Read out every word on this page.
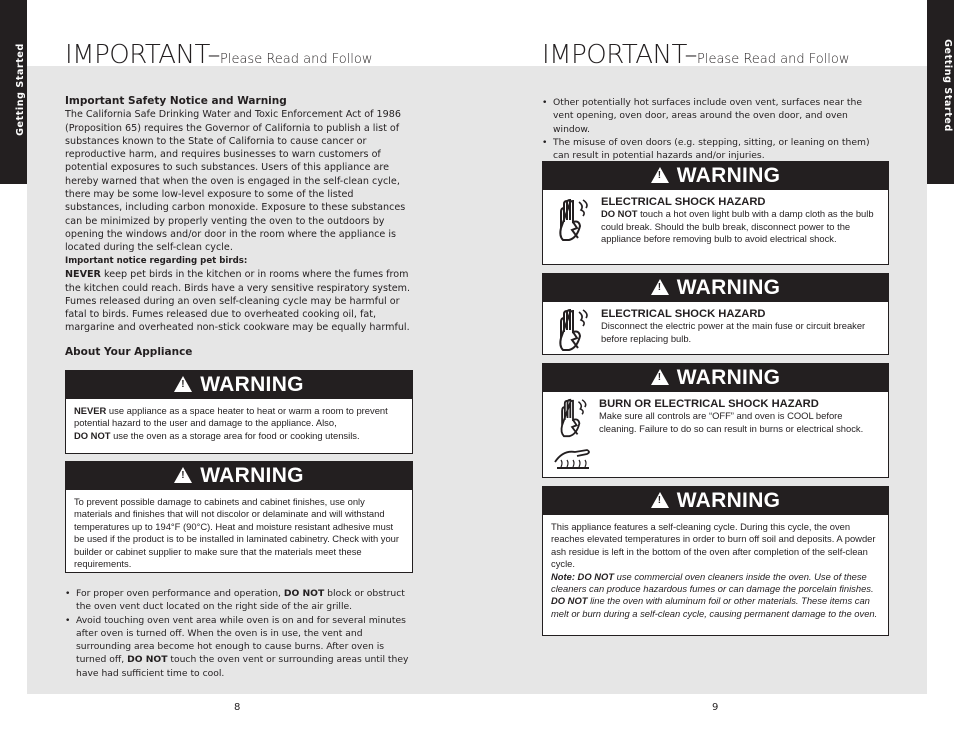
Getting Started	Getting Started
IMPORTANT–Please Read and Follow
Important Safety Notice and Warning
The California Safe Drinking Water and Toxic Enforcement Act of 1986 (Proposition 65) requires the Governor of California to publish a list of substances known to the State of California to cause cancer or reproductive harm, and requires businesses to warn customers of potential exposures to such substances. Users of this appliance are hereby warned that when the oven is engaged in the self-clean cycle, there may be some low-level exposure to some of the listed substances, including carbon monoxide. Exposure to these substances can be minimized by properly venting the oven to the outdoors by opening the windows and/or door in the room where the appliance is located during the self-clean cycle.
Important notice regarding pet birds:
NEVER keep pet birds in the kitchen or in rooms where the fumes from the kitchen could reach. Birds have a very sensitive respiratory system. Fumes released during an oven self-cleaning cycle may be harmful or fatal to birds. Fumes released due to overheated cooking oil, fat, margarine and overheated non-stick cookware may be equally harmful.
About Your Appliance
! WARNING
NEVER use appliance as a space heater to heat or warm a room to prevent potential hazard to the user and damage to the appliance. Also,
DO NOT use the oven as a storage area for food or cooking utensils.
! WARNING
To prevent possible damage to cabinets and cabinet finishes, use only materials and finishes that will not discolor or delaminate and will withstand temperatures up to 194°F (90°C). Heat and moisture resistant adhesive must be used if the product is to be installed in laminated cabinetry. Check with your builder or cabinet supplier to make sure that the materials meet these requirements.
• For proper oven performance and operation, DO NOT block or obstruct the oven vent duct located on the right side of the air grille.
• Avoid touching oven vent area while oven is on and for several minutes after oven is turned off. When the oven is in use, the vent and surrounding area become hot enough to cause burns. After oven is turned off, DO NOT touch the oven vent or surrounding areas until they have had sufficient time to cool.
8
IMPORTANT–Please Read and Follow
• Other potentially hot surfaces include oven vent, surfaces near the vent opening, oven door, areas around the oven door, and oven window.
• The misuse of oven doors (e.g. stepping, sitting, or leaning on them) can result in potential hazards and/or injuries.
! WARNING
ELECTRICAL SHOCK HAZARD
DO NOT touch a hot oven light bulb with a damp cloth as the bulb could break. Should the bulb break, disconnect power to the appliance before removing bulb to avoid electrical shock.
! WARNING
ELECTRICAL SHOCK HAZARD
Disconnect the electric power at the main fuse or circuit breaker before replacing bulb.
! WARNING
BURN OR ELECTRICAL SHOCK HAZARD
Make sure all controls are “OFF” and oven is COOL before cleaning. Failure to do so can result in burns or electrical shock.
! WARNING
This appliance features a self-cleaning cycle. During this cycle, the oven reaches elevated temperatures in order to burn off soil and deposits. A powder ash residue is left in the bottom of the oven after completion of the self-clean cycle.
Note: DO NOT use commercial oven cleaners inside the oven. Use of these cleaners can produce hazardous fumes or can damage the porcelain finishes. DO NOT line the oven with aluminum foil or other materials. These items can melt or burn during a self-clean cycle, causing permanent damage to the oven.
9
